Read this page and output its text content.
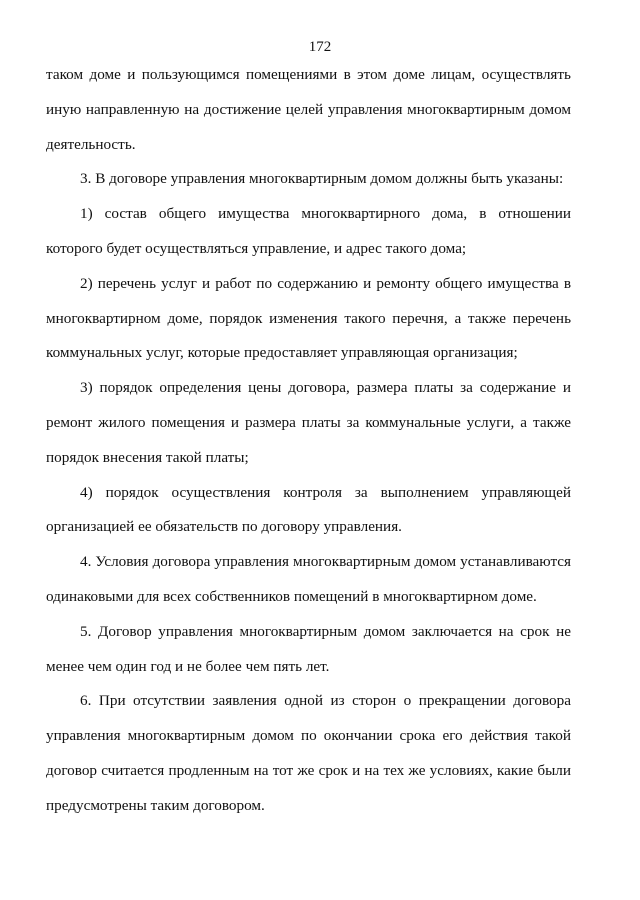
172

таком доме и пользующимся помещениями в этом доме лицам, осуществлять иную направленную на достижение целей управления многоквартирным домом деятельность.

3. В договоре управления многоквартирным домом должны быть указаны:

1) состав общего имущества многоквартирного дома, в отношении которого будет осуществляться управление, и адрес такого дома;

2) перечень услуг и работ по содержанию и ремонту общего имущества в многоквартирном доме, порядок изменения такого перечня, а также перечень коммунальных услуг, которые предоставляет управляющая организация;

3) порядок определения цены договора, размера платы за содержание и ремонт жилого помещения и размера платы за коммунальные услуги, а также порядок внесения такой платы;

4) порядок осуществления контроля за выполнением управляющей организацией ее обязательств по договору управления.

4. Условия договора управления многоквартирным домом устанавливаются одинаковыми для всех собственников помещений в многоквартирном доме.

5. Договор управления многоквартирным домом заключается на срок не менее чем один год и не более чем пять лет.

6. При отсутствии заявления одной из сторон о прекращении договора управления многоквартирным домом по окончании срока его действия такой договор считается продленным на тот же срок и на тех же условиях, какие были предусмотрены таким договором.
